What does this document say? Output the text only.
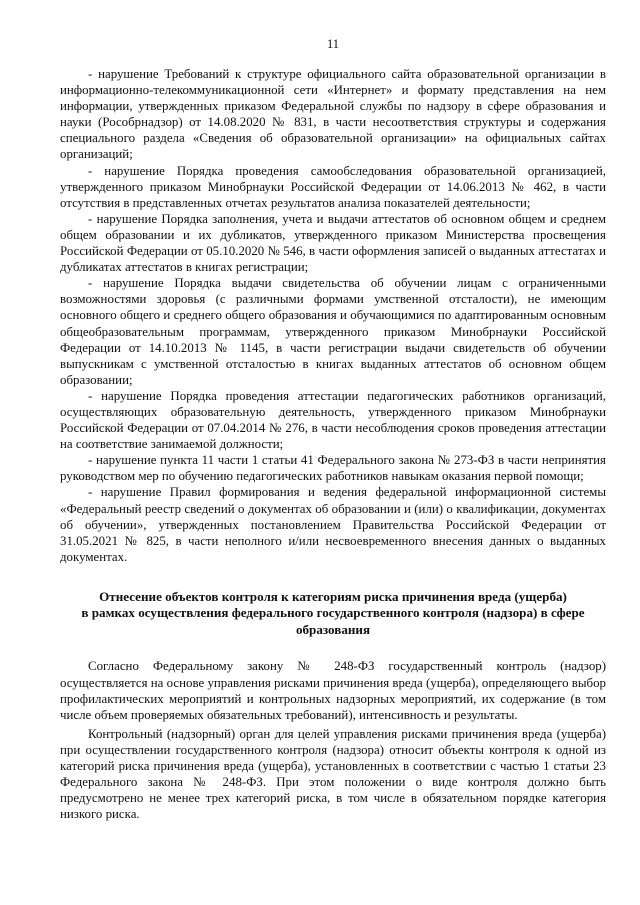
11

- нарушение Требований к структуре официального сайта образовательной организации в информационно-телекоммуникационной сети «Интернет» и формату представления на нем информации, утвержденных приказом Федеральной службы по надзору в сфере образования и науки (Рособрнадзор) от 14.08.2020 № 831, в части несоответствия структуры и содержания специального раздела «Сведения об образовательной организации» на официальных сайтах организаций;

- нарушение Порядка проведения самообследования образовательной организацией, утвержденного приказом Минобрнауки Российской Федерации от 14.06.2013 № 462, в части отсутствия в представленных отчетах результатов анализа показателей деятельности;

- нарушение Порядка заполнения, учета и выдачи аттестатов об основном общем и среднем общем образовании и их дубликатов, утвержденного приказом Министерства просвещения Российской Федерации от 05.10.2020 № 546, в части оформления записей о выданных аттестатах и дубликатах аттестатов в книгах регистрации;

- нарушение Порядка выдачи свидетельства об обучении лицам с ограниченными возможностями здоровья (с различными формами умственной отсталости), не имеющим основного общего и среднего общего образования и обучающимися по адаптированным основным общеобразовательным программам, утвержденного приказом Минобрнауки Российской Федерации от 14.10.2013 № 1145, в части регистрации выдачи свидетельств об обучении выпускникам с умственной отсталостью в книгах выданных аттестатов об основном общем образовании;

- нарушение Порядка проведения аттестации педагогических работников организаций, осуществляющих образовательную деятельность, утвержденного приказом Минобрнауки Российской Федерации от 07.04.2014 № 276, в части несоблюдения сроков проведения аттестации на соответствие занимаемой должности;

- нарушение пункта 11 части 1 статьи 41 Федерального закона № 273-ФЗ в части непринятия руководством мер по обучению педагогических работников навыкам оказания первой помощи;

- нарушение Правил формирования и ведения федеральной информационной системы «Федеральный реестр сведений о документах об образовании и (или) о квалификации, документах об обучении», утвержденных постановлением Правительства Российской Федерации от 31.05.2021 № 825, в части неполного и/или несвоевременного внесения данных о выданных документах.

Отнесение объектов контроля к категориям риска причинения вреда (ущерба)
в рамках осуществления федерального государственного контроля (надзора) в сфере
образования

Согласно Федеральному закону № 248-ФЗ государственный контроль (надзор) осуществляется на основе управления рисками причинения вреда (ущерба), определяющего выбор профилактических мероприятий и контрольных надзорных мероприятий, их содержание (в том числе объем проверяемых обязательных требований), интенсивность и результаты.

Контрольный (надзорный) орган для целей управления рисками причинения вреда (ущерба) при осуществлении государственного контроля (надзора) относит объекты контроля к одной из категорий риска причинения вреда (ущерба), установленных в соответствии с частью 1 статьи 23 Федерального закона № 248-ФЗ. При этом положении о виде контроля должно быть предусмотрено не менее трех категорий риска, в том числе в обязательном порядке категория низкого риска.
